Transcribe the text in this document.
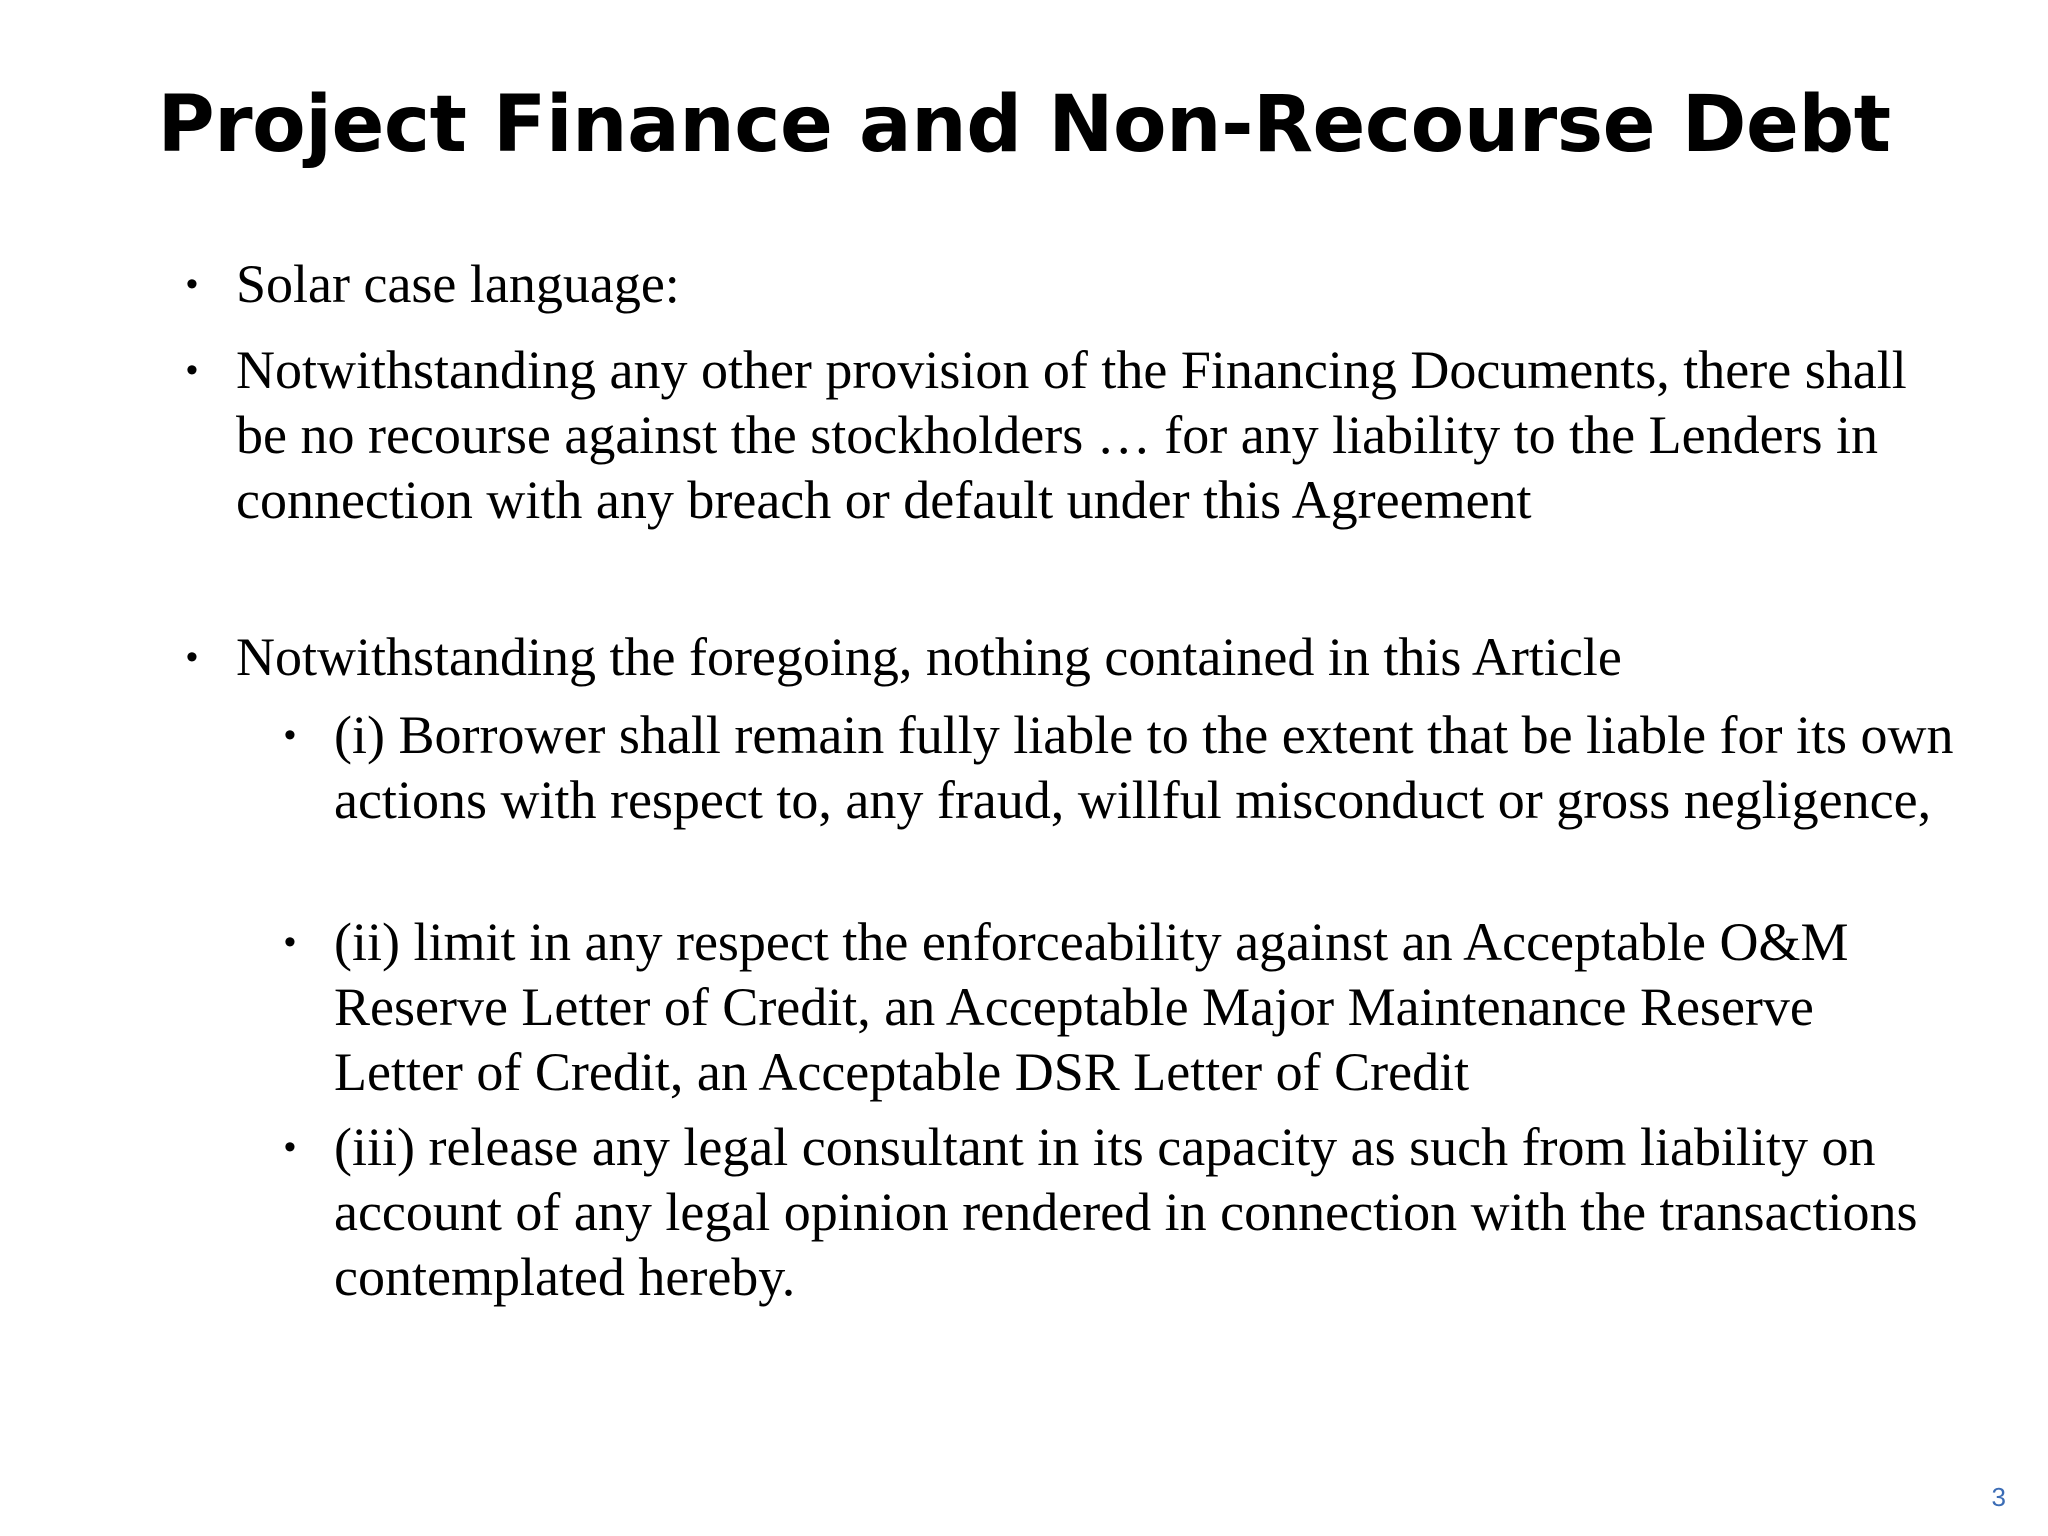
Project Finance and Non-Recourse Debt
• Solar case language:
• Notwithstanding any other provision of the Financing Documents, there shall be no recourse against the stockholders … for any liability to the Lenders in connection with any breach or default under this Agreement
• Notwithstanding the foregoing, nothing contained in this Article
• (i) Borrower shall remain fully liable to the extent that be liable for its own actions with respect to, any fraud, willful misconduct or gross negligence,
• (ii) limit in any respect the enforceability against an Acceptable O&M Reserve Letter of Credit, an Acceptable Major Maintenance Reserve Letter of Credit, an Acceptable DSR Letter of Credit
• (iii) release any legal consultant in its capacity as such from liability on account of any legal opinion rendered in connection with the transactions contemplated hereby.
3
